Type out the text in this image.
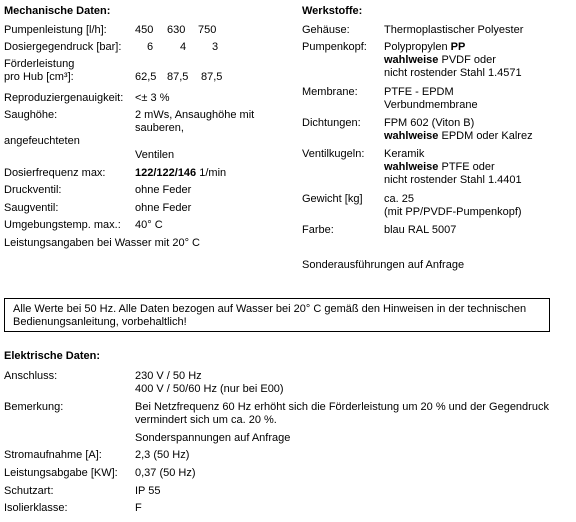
Mechanische Daten:
Pumpenleistung [l/h]:	450 630 750
Dosiergegendruck [bar]: 6 4 3
Förderleistung
pro Hub [cm³]:	62,5 87,5 87,5
Reproduziergenauigkeit: <± 3 %
Saughöhe:	2 mWs, Ansaughöhe mit
sauberen,
angefeuchteten
Ventilen
Dosierfrequenz max:	122/122/146 1/min
Druckventil:	ohne Feder
Saugventil:	ohne Feder
Umgebungstemp. max.: 40° C
Leistungsangaben bei Wasser mit 20° C
Werkstoffe:
Gehäuse:	Thermoplastischer Polyester
Pumpenkopf: Polypropylen PP
wahlweise PVDF oder
nicht rostender Stahl 1.4571
Membrane: PTFE - EPDM
Verbundmembrane
Dichtungen: FPM 602 (Viton B)
wahlweise EPDM oder Kalrez
Ventilkugeln: Keramik
wahlweise PTFE oder
nicht rostender Stahl 1.4401
Gewicht [kg] ca. 25
(mit PP/PVDF-Pumpenkopf)
Farbe:	blau RAL 5007
Sonderausführungen auf Anfrage
Alle Werte bei 50 Hz. Alle Daten bezogen auf Wasser bei 20° C gemäß den Hinweisen in der technischen Bedienungsanleitung, vorbehaltlich!
Elektrische Daten:
Anschluss:	230 V / 50 Hz
400 V / 50/60 Hz (nur bei E00)
Bemerkung:	Bei Netzfrequenz 60 Hz erhöht sich die Förderleistung um 20 % und der Gegendruck
vermindert sich um ca. 20 %.
Sonderspannungen auf Anfrage
Stromaufnahme [A]:	2,3 (50 Hz)
Leistungsabgabe [KW]: 0,37 (50 Hz)
Schutzart:	IP 55
Isolierklasse:	F
